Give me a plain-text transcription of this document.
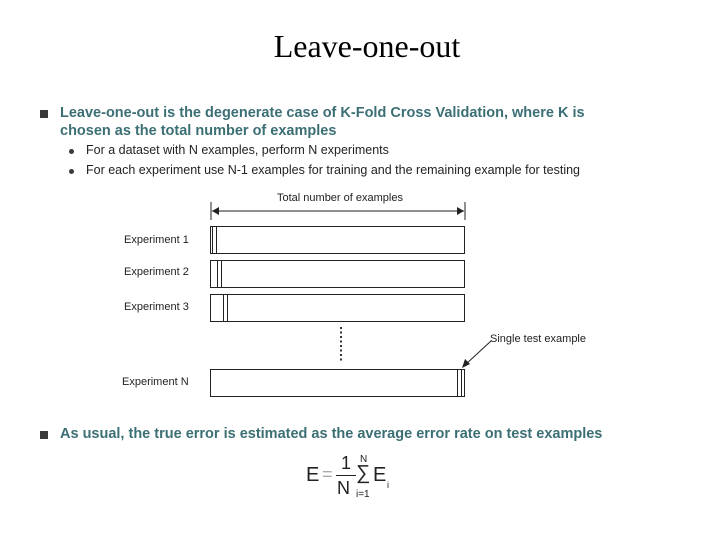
Leave-one-out
Leave-one-out is the degenerate case of K-Fold Cross Validation, where K is
chosen as the total number of examples
For a dataset with N examples, perform N experiments
For each experiment use N-1 examples for training and the remaining example for testing
Total number of examples
Experiment 1
Experiment 2
Experiment 3
Experiment N
Single test example
As usual, the true error is estimated as the average error rate on test examples
E =
1
N
N
∑
i=1
E i
